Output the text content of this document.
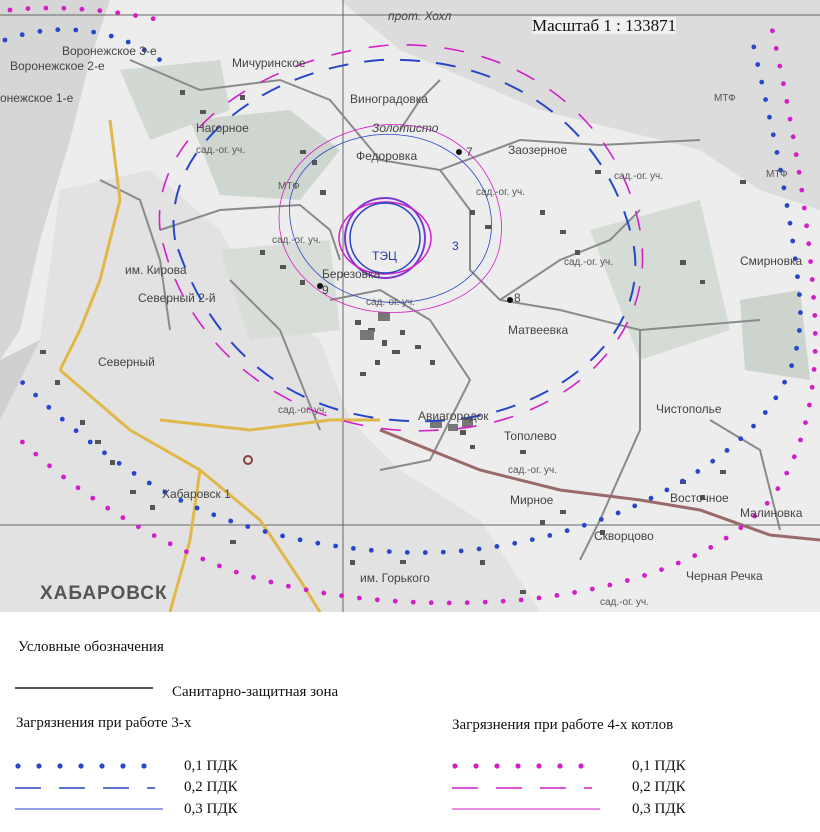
Масштаб 1 : 133871
ХАБАРОВСК
Воронежское 3-е
Воронежское 2-е
онежское 1-е
Мичуринское
Виноградовка
Золотисто
Федоровка	Заозерное
Нагорное
МТФ
МТФ
МТФ
ТЭЦ
Березовка
им. Кирова
Северный 2-й
Северный
Матвеевка
Смирновка
Авиагородок
Тополево
Чистополье
Мирное	Восточное
Малиновка
Скворцово
Черная Речка
им. Горького
Хабаровск 1
прот. Хохл
сад.-ог. уч.
сад.-ог. уч.
сад.-ог. уч.
сад.-ог. уч.
сад.-ог. уч.
сад.-ог. уч.
сад.-ог. уч.
сад.-ог. уч.
сад.-ог. уч.
7
8
9
3
Условные обозначения
Санитарно-защитная зона
Загрязнения при работе 3-х	Загрязнения при работе 4-х котлов
0,1 ПДК
0,2 ПДК
0,3 ПДК
0,1 ПДК
0,2 ПДК
0,3 ПДК
